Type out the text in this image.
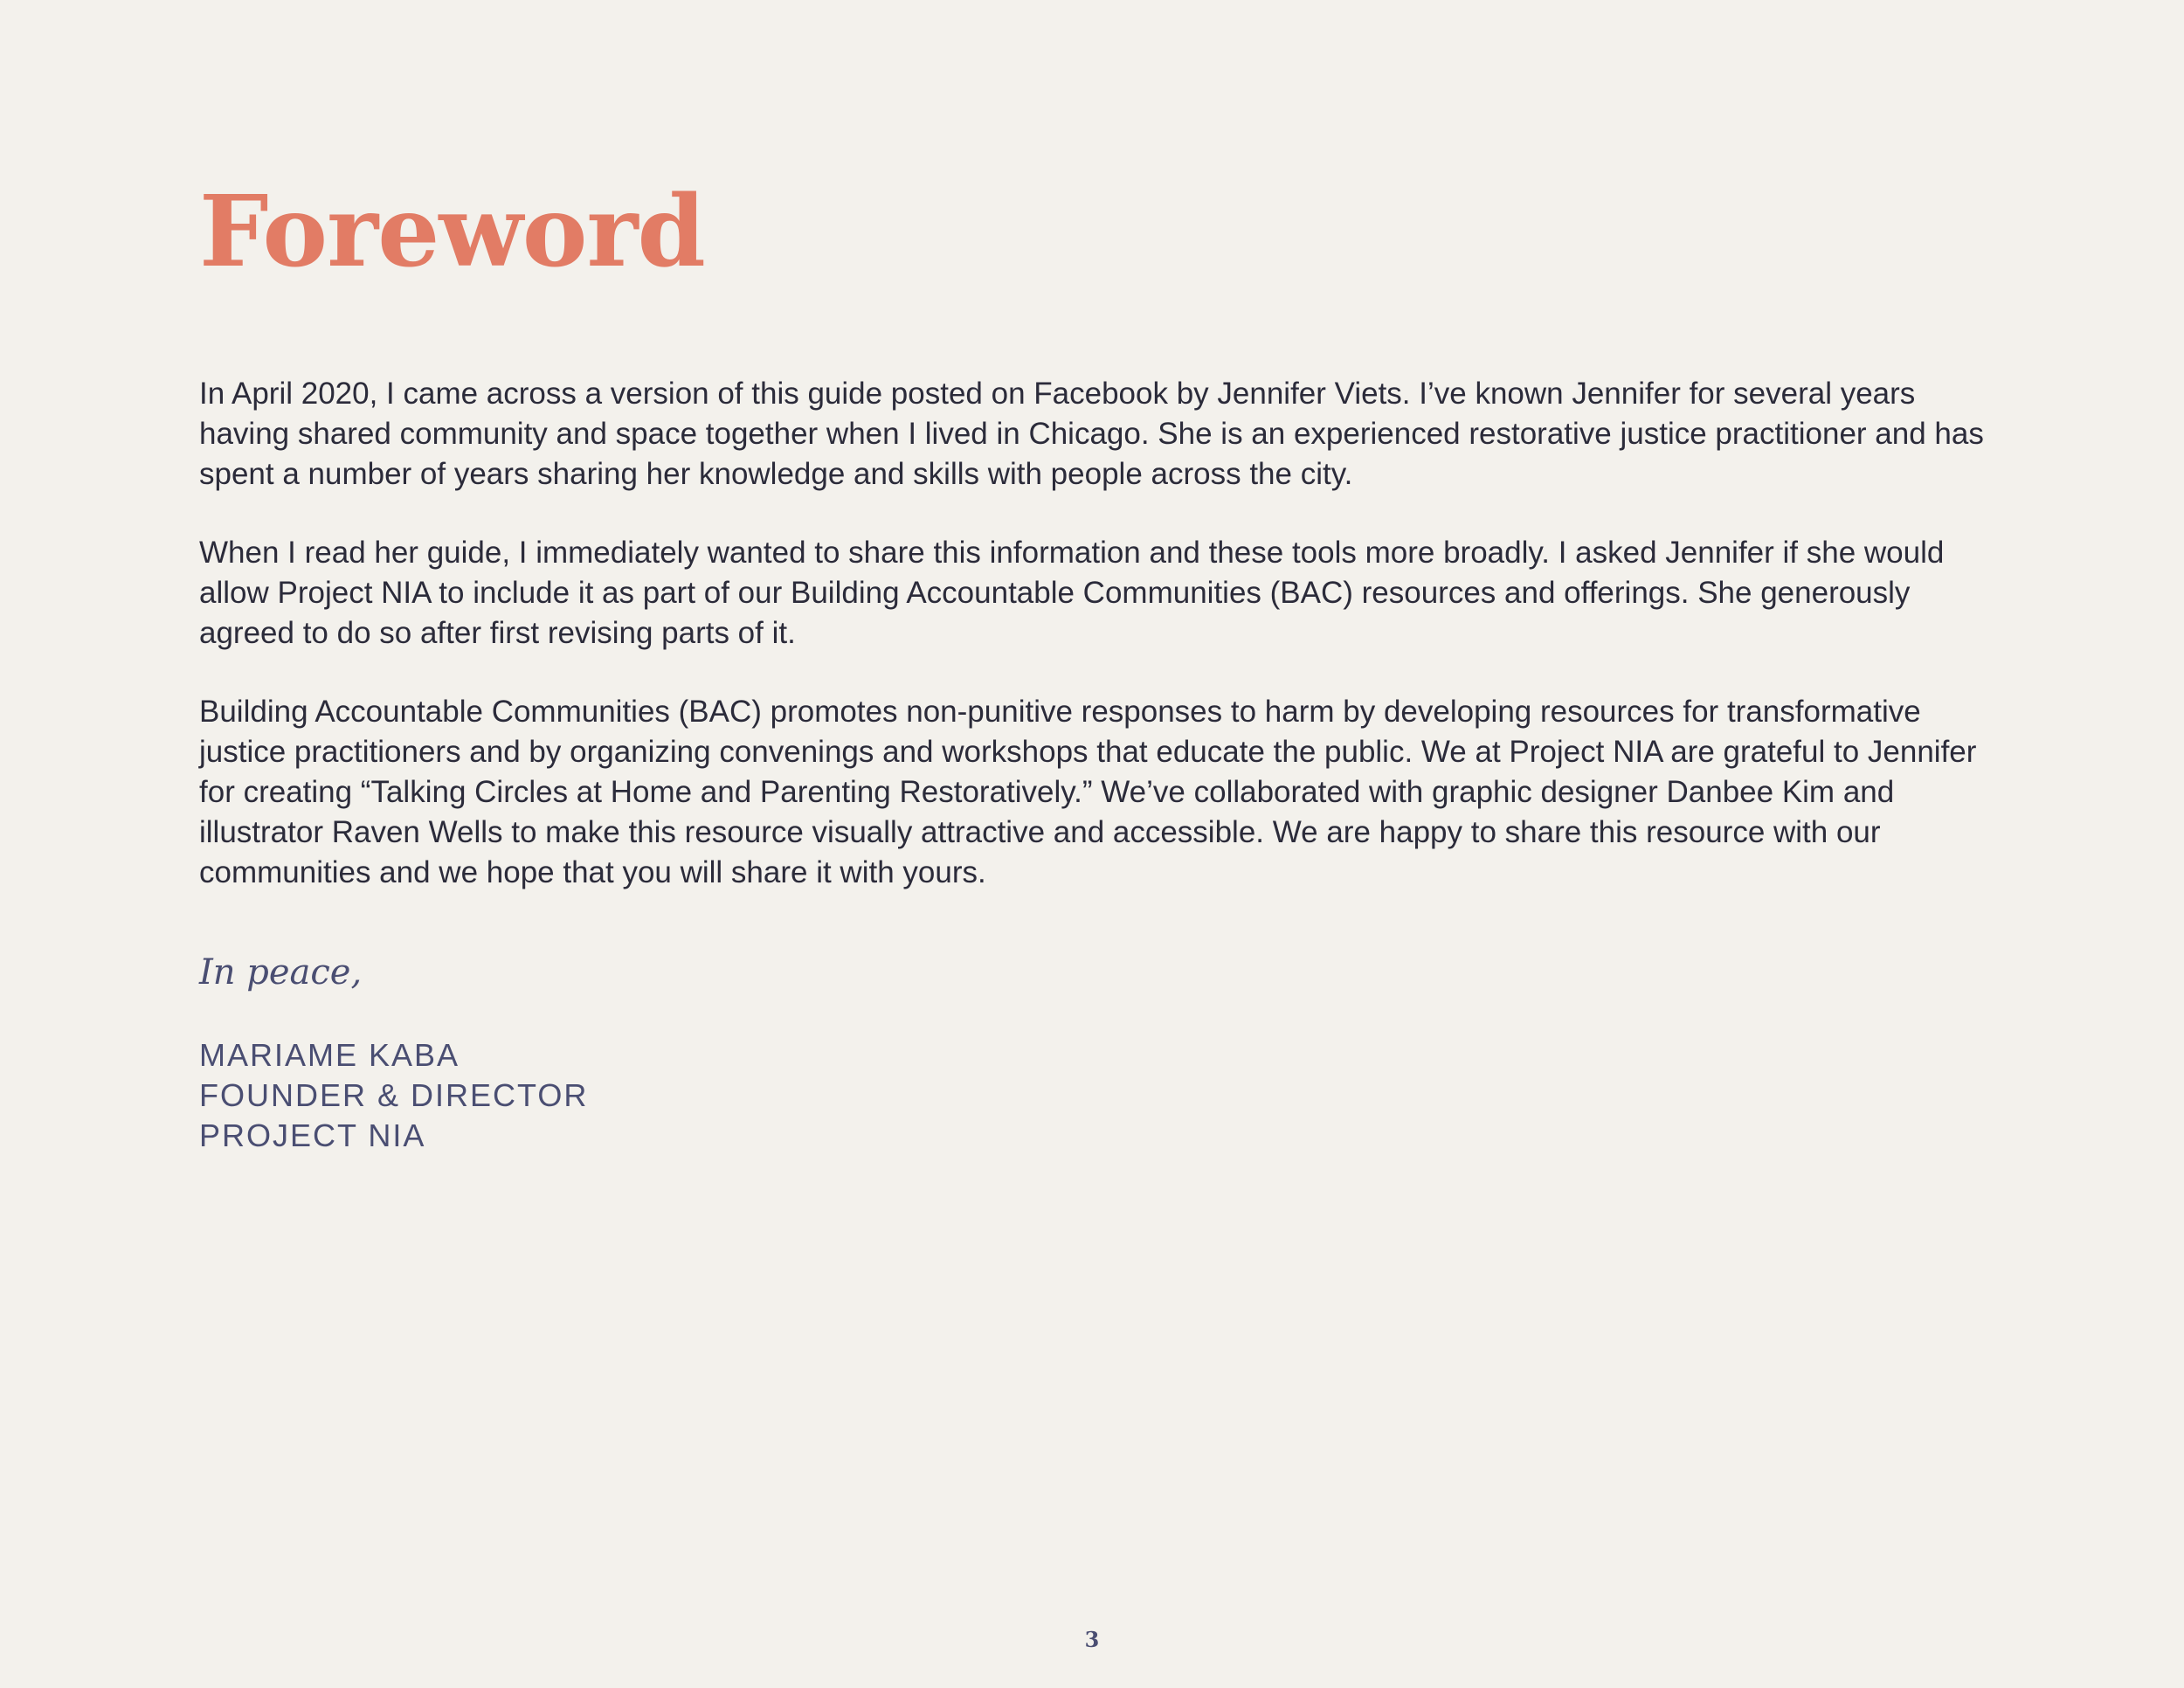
Foreword

In April 2020, I came across a version of this guide posted on Facebook by Jennifer Viets. I’ve known Jennifer for several years having shared community and space together when I lived in Chicago. She is an experienced restorative justice practitioner and has spent a number of years sharing her knowledge and skills with people across the city.

When I read her guide, I immediately wanted to share this information and these tools more broadly. I asked Jennifer if she would allow Project NIA to include it as part of our Building Accountable Communities (BAC) resources and offerings. She generously agreed to do so after first revising parts of it.

Building Accountable Communities (BAC) promotes non-punitive responses to harm by developing resources for transformative justice practitioners and by organizing convenings and workshops that educate the public. We at Project NIA are grateful to Jennifer for creating “Talking Circles at Home and Parenting Restoratively.” We’ve collaborated with graphic designer Danbee Kim and illustrator Raven Wells to make this resource visually attractive and accessible. We are happy to share this resource with our communities and we hope that you will share it with yours.

In peace,
MARIAME KABA
FOUNDER & DIRECTOR
PROJECT NIA
3
